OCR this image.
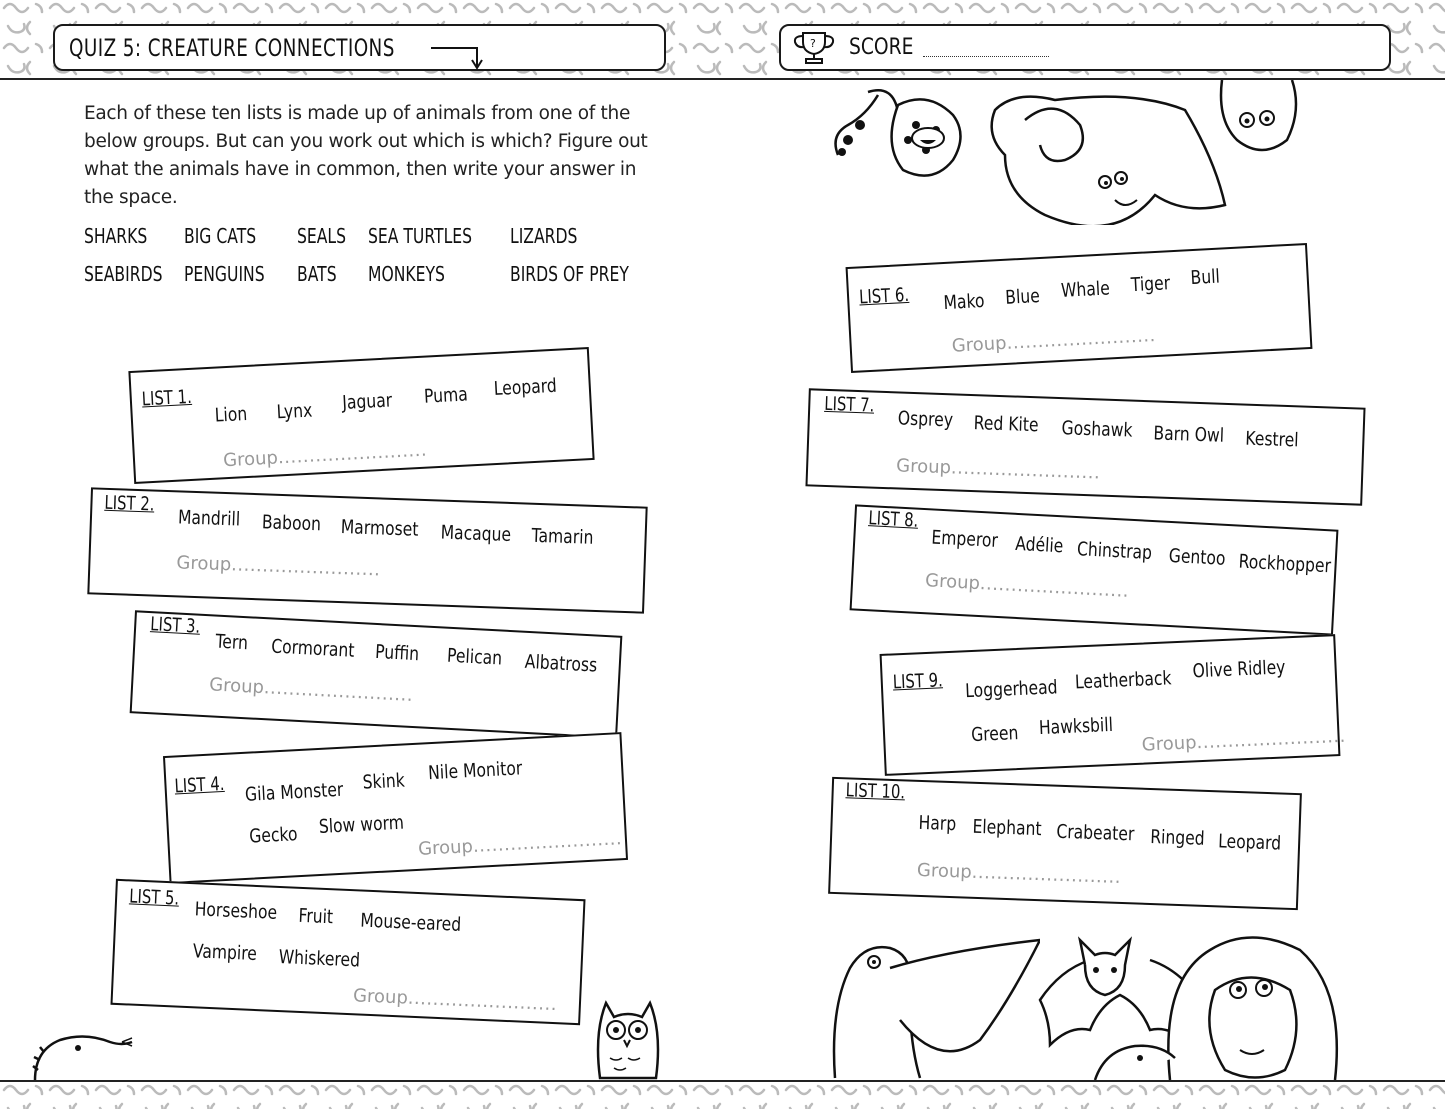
QUIZ 5: CREATURE CONNECTIONS	? SCORE

Each of these ten lists is made up of animals from one of the below groups. But can you work out which is which? Figure out what the animals have in common, then write your answer in the space.

SHARKS BIG CATS SEALS SEA TURTLES LIZARDS
SEABIRDS PENGUINS BATS MONKEYS	BIRDS OF PREY
LIST 1.
Lion Lynx Jaguar Puma Leopard
Group........................
LIST 2.
Mandrill Baboon Marmoset Macaque Tamarin
Group........................
LIST 3.
Tern Cormorant Puffin Pelican Albatross
Group........................
LIST 4. Gila Monster Skink Nile Monitor
Gecko Slow worm
Group........................
LIST 5.
Horseshoe Fruit Mouse-eared
Vampire Whiskered
Group........................
LIST 6. Mako Blue Whale Tiger Bull
Group........................
LIST 7.
Osprey Red Kite Goshawk Barn Owl Kestrel
Group........................
LIST 8.
Emperor Adélie Chinstrap Gentoo Rockhopper
Group........................
LIST 9. Loggerhead Leatherback Olive Ridley
Green Hawksbill
Group........................
LIST 10.
Harp Elephant Crabeater Ringed Leopard
Group........................
